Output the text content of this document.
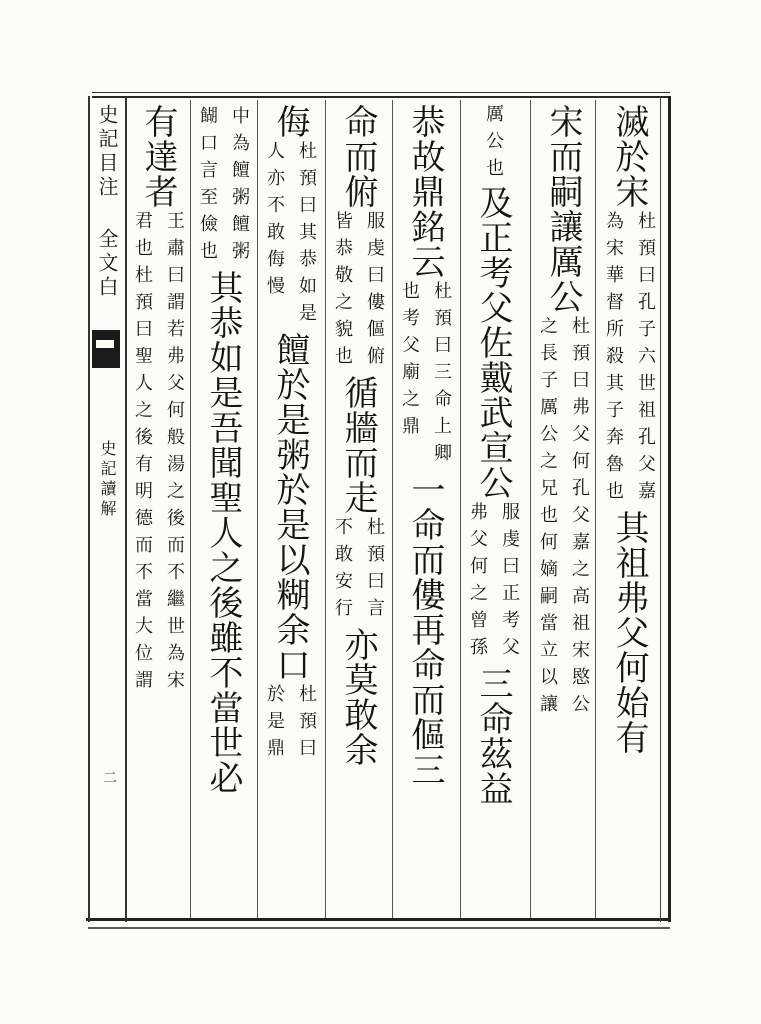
史記目注 全文白
史記讀解
二
滅於宋
杜預曰孔子六世祖孔父嘉
為宋華督所殺其子奔魯也
其祖弗父何始有
宋而嗣讓厲公
杜預曰弗父何孔父嘉之高祖宋愍公
之長子厲公之兄也何嫡嗣當立以讓
厲公也
及正考父佐戴武宣公
服虔曰正考父
弗父何之曾孫
三命茲益
恭故鼎銘云
杜預曰三命上卿
也考父廟之鼎
一命而僂再命而傴三
命而俯
服虔曰僂傴俯
皆恭敬之貌也
循牆而走
杜預曰言
不敢安行
亦莫敢余
侮
杜預曰其恭如是
人亦不敢侮慢
饘於是粥於是以糊余口
杜預曰
於是鼎
中為饘粥饘粥
餬口言至儉也
其恭如是吾聞聖人之後雖不當世必
有達者
王肅曰謂若弗父何般湯之後而不繼世為宋
君也杜預曰聖人之後有明德而不當大位謂
